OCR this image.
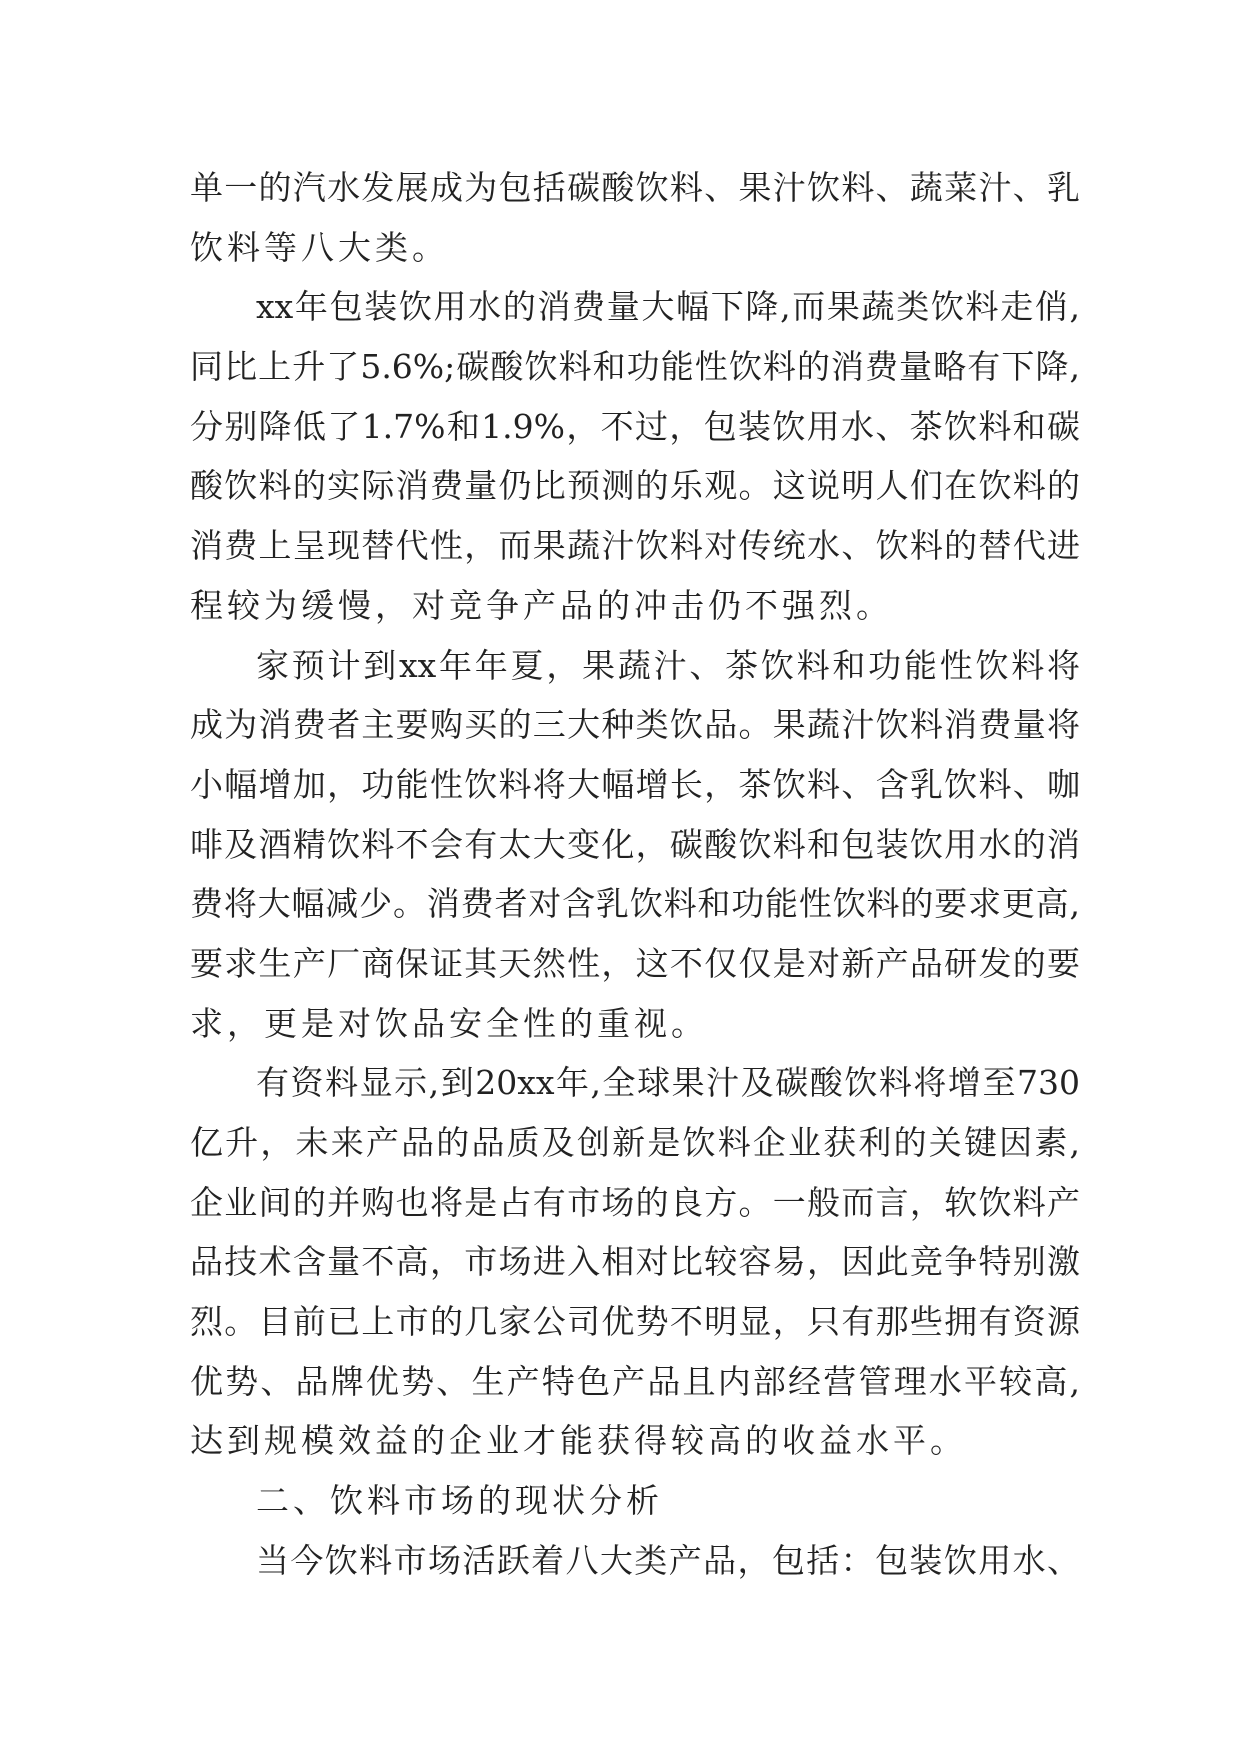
单一的汽水发展成为包括碳酸饮料、果汁饮料、蔬菜汁、乳
饮料等八大类。
xx年包装饮用水的消费量大幅下降,而果蔬类饮料走俏,
同比上升了5.6%;碳酸饮料和功能性饮料的消费量略有下降,
分别降低了1.7%和1.9%，不过，包装饮用水、茶饮料和碳
酸饮料的实际消费量仍比预测的乐观。这说明人们在饮料的
消费上呈现替代性，而果蔬汁饮料对传统水、饮料的替代进
程较为缓慢，对竞争产品的冲击仍不强烈。
家预计到xx年年夏，果蔬汁、茶饮料和功能性饮料将
成为消费者主要购买的三大种类饮品。果蔬汁饮料消费量将
小幅增加，功能性饮料将大幅增长，茶饮料、含乳饮料、咖
啡及酒精饮料不会有太大变化，碳酸饮料和包装饮用水的消
费将大幅减少。消费者对含乳饮料和功能性饮料的要求更高,
要求生产厂商保证其天然性，这不仅仅是对新产品研发的要
求，更是对饮品安全性的重视。
有资料显示,到20xx年,全球果汁及碳酸饮料将增至730
亿升，未来产品的品质及创新是饮料企业获利的关键因素,
企业间的并购也将是占有市场的良方。一般而言，软饮料产
品技术含量不高，市场进入相对比较容易，因此竞争特别激
烈。目前已上市的几家公司优势不明显，只有那些拥有资源
优势、品牌优势、生产特色产品且内部经营管理水平较高,
达到规模效益的企业才能获得较高的收益水平。
二、饮料市场的现状分析
当今饮料市场活跃着八大类产品，包括：包装饮用水、
